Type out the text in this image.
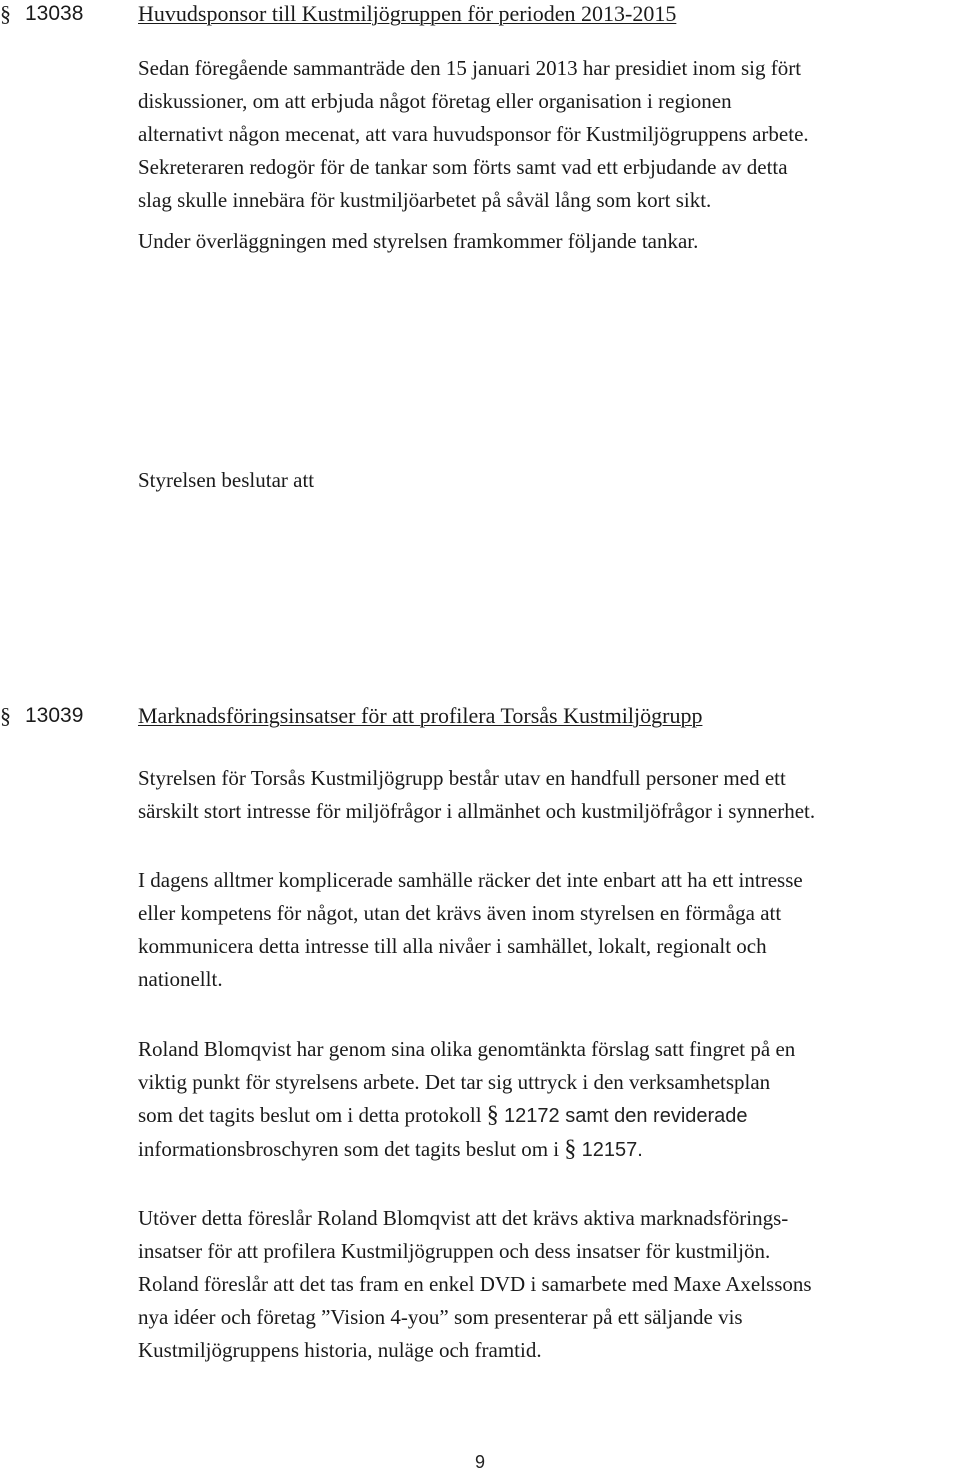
§ 13038 Huvudsponsor till Kustmiljögruppen för perioden 2013-2015

Sedan föregående sammanträde den 15 januari 2013 har presidiet inom sig fört
diskussioner, om att erbjuda något företag eller organisation i regionen
alternativt någon mecenat, att vara huvudsponsor för Kustmiljögruppens arbete.
Sekreteraren redogör för de tankar som förts samt vad ett erbjudande av detta
slag skulle innebära för kustmiljöarbetet på såväl lång som kort sikt.

Under överläggningen med styrelsen framkommer följande tankar.

Styrelsen beslutar att

§ 13039 Marknadsföringsinsatser för att profilera Torsås Kustmiljögrupp

Styrelsen för Torsås Kustmiljögrupp består utav en handfull personer med ett
särskilt stort intresse för miljöfrågor i allmänhet och kustmiljöfrågor i synnerhet.

I dagens alltmer komplicerade samhälle räcker det inte enbart att ha ett intresse
eller kompetens för något, utan det krävs även inom styrelsen en förmåga att
kommunicera detta intresse till alla nivåer i samhället, lokalt, regionalt och
nationellt.

Roland Blomqvist har genom sina olika genomtänkta förslag satt fingret på en
viktig punkt för styrelsens arbete. Det tar sig uttryck i den verksamhetsplan
som det tagits beslut om i detta protokoll § 12172 samt den reviderade
informationsbroschyren som det tagits beslut om i § 12157.

Utöver detta föreslår Roland Blomqvist att det krävs aktiva marknadsförings-
insatser för att profilera Kustmiljögruppen och dess insatser för kustmiljön.
Roland föreslår att det tas fram en enkel DVD i samarbete med Maxe Axelssons
nya idéer och företag ”Vision 4-you” som presenterar på ett säljande vis
Kustmiljögruppens historia, nuläge och framtid.

9
